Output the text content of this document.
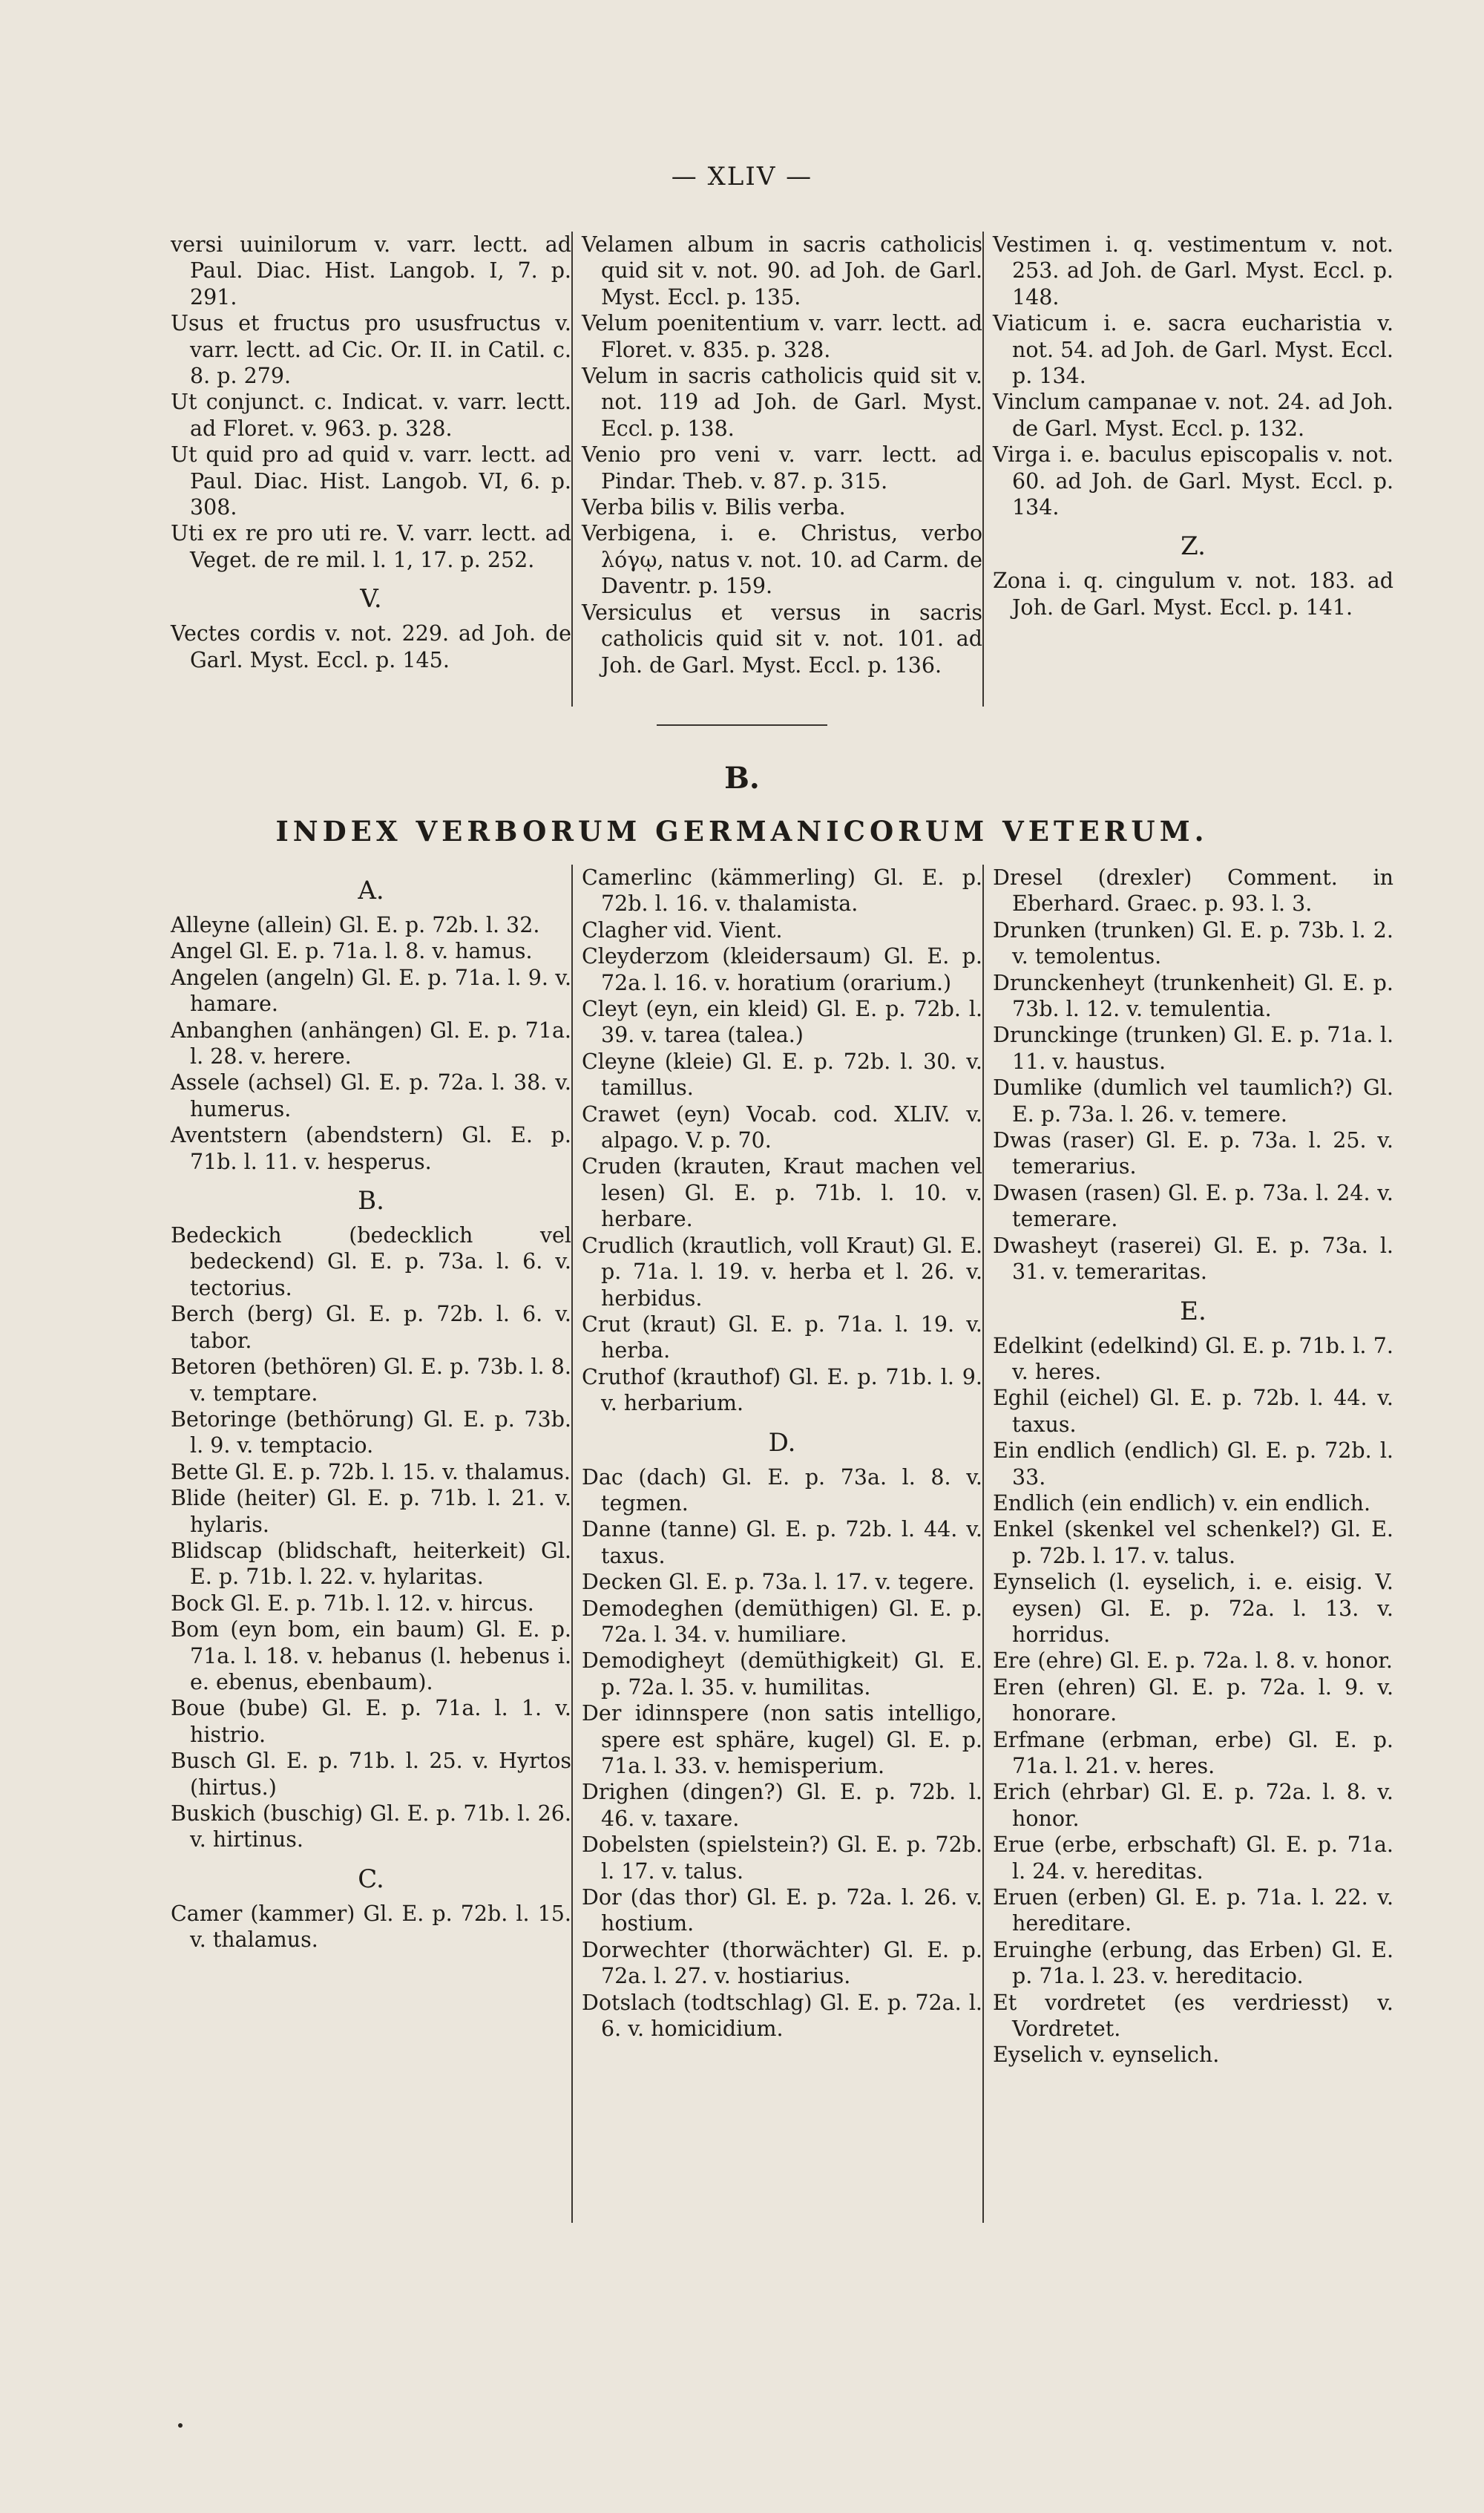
— XLIV —
versi uuinilorum v. varr. lectt. ad Paul. Diac. Hist. Langob. I, 7. p. 291.
Usus et fructus pro ususfructus v. varr. lectt. ad Cic. Or. II. in Catil. c. 8. p. 279.
Ut conjunct. c. Indicat. v. varr. lectt. ad Floret. v. 963. p. 328.
Ut quid pro ad quid v. varr. lectt. ad Paul. Diac. Hist. Langob. VI, 6. p. 308.
Uti ex re pro uti re. V. varr. lectt. ad Veget. de re mil. l. 1, 17. p. 252.
V.
Vectes cordis v. not. 229. ad Joh. de Garl. Myst. Eccl. p. 145.
Velamen album in sacris catholicis quid sit v. not. 90. ad Joh. de Garl. Myst. Eccl. p. 135.
Velum poenitentium v. varr. lectt. ad Floret. v. 835. p. 328.
Velum in sacris catholicis quid sit v. not. 119 ad Joh. de Garl. Myst. Eccl. p. 138.
Venio pro veni v. varr. lectt. ad Pindar. Theb. v. 87. p. 315.
Verba bilis v. Bilis verba.
Verbigena, i. e. Christus, verbo λόγῳ, natus v. not. 10. ad Carm. de Daventr. p. 159.
Versiculus et versus in sacris catholicis quid sit v. not. 101. ad Joh. de Garl. Myst. Eccl. p. 136.
Vestimen i. q. vestimentum v. not. 253. ad Joh. de Garl. Myst. Eccl. p. 148.
Viaticum i. e. sacra eucharistia v. not. 54. ad Joh. de Garl. Myst. Eccl. p. 134.
Vinclum campanae v. not. 24. ad Joh. de Garl. Myst. Eccl. p. 132.
Virga i. e. baculus episcopalis v. not. 60. ad Joh. de Garl. Myst. Eccl. p. 134.
Z.
Zona i. q. cingulum v. not. 183. ad Joh. de Garl. Myst. Eccl. p. 141.
B.
INDEX VERBORUM GERMANICORUM VETERUM.
A.
Alleyne (allein) Gl. E. p. 72b. l. 32.
Angel Gl. E. p. 71a. l. 8. v. hamus.
Angelen (angeln) Gl. E. p. 71a. l. 9. v. hamare.
Anbanghen (anhängen) Gl. E. p. 71a. l. 28. v. herere.
Assele (achsel) Gl. E. p. 72a. l. 38. v. humerus.
Aventstern (abendstern) Gl. E. p. 71b. l. 11. v. hesperus.
B.
Bedeckich (bedecklich vel bedeckend) Gl. E. p. 73a. l. 6. v. tectorius.
Berch (berg) Gl. E. p. 72b. l. 6. v. tabor.
Betoren (bethören) Gl. E. p. 73b. l. 8. v. temptare.
Betoringe (bethörung) Gl. E. p. 73b. l. 9. v. temptacio.
Bette Gl. E. p. 72b. l. 15. v. thalamus.
Blide (heiter) Gl. E. p. 71b. l. 21. v. hylaris.
Blidscap (blidschaft, heiterkeit) Gl. E. p. 71b. l. 22. v. hylaritas.
Bock Gl. E. p. 71b. l. 12. v. hircus.
Bom (eyn bom, ein baum) Gl. E. p. 71a. l. 18. v. hebanus (l. hebenus i. e. ebenus, ebenbaum).
Boue (bube) Gl. E. p. 71a. l. 1. v. histrio.
Busch Gl. E. p. 71b. l. 25. v. Hyrtos (hirtus.)
Buskich (buschig) Gl. E. p. 71b. l. 26. v. hirtinus.
C.
Camer (kammer) Gl. E. p. 72b. l. 15. v. thalamus.
Camerlinc (kämmerling) Gl. E. p. 72b. l. 16. v. thalamista.
Clagher vid. Vient.
Cleyderzom (kleidersaum) Gl. E. p. 72a. l. 16. v. horatium (orarium.)
Cleyt (eyn, ein kleid) Gl. E. p. 72b. l. 39. v. tarea (talea.)
Cleyne (kleie) Gl. E. p. 72b. l. 30. v. tamillus.
Crawet (eyn) Vocab. cod. XLIV. v. alpago. V. p. 70.
Cruden (krauten, Kraut machen vel lesen) Gl. E. p. 71b. l. 10. v. herbare.
Crudlich (krautlich, voll Kraut) Gl. E. p. 71a. l. 19. v. herba et l. 26. v. herbidus.
Crut (kraut) Gl. E. p. 71a. l. 19. v. herba.
Cruthof (krauthof) Gl. E. p. 71b. l. 9. v. herbarium.
D.
Dac (dach) Gl. E. p. 73a. l. 8. v. tegmen.
Danne (tanne) Gl. E. p. 72b. l. 44. v. taxus.
Decken Gl. E. p. 73a. l. 17. v. tegere.
Demodeghen (demüthigen) Gl. E. p. 72a. l. 34. v. humiliare.
Demodigheyt (demüthigkeit) Gl. E. p. 72a. l. 35. v. humilitas.
Der idinnspere (non satis intelligo, spere est sphäre, kugel) Gl. E. p. 71a. l. 33. v. hemisperium.
Drighen (dingen?) Gl. E. p. 72b. l. 46. v. taxare.
Dobelsten (spielstein?) Gl. E. p. 72b. l. 17. v. talus.
Dor (das thor) Gl. E. p. 72a. l. 26. v. hostium.
Dorwechter (thorwächter) Gl. E. p. 72a. l. 27. v. hostiarius.
Dotslach (todtschlag) Gl. E. p. 72a. l. 6. v. homicidium.
Dresel (drexler) Comment. in Eberhard. Graec. p. 93. l. 3.
Drunken (trunken) Gl. E. p. 73b. l. 2. v. temolentus.
Drunckenheyt (trunkenheit) Gl. E. p. 73b. l. 12. v. temulentia.
Drunckinge (trunken) Gl. E. p. 71a. l. 11. v. haustus.
Dumlike (dumlich vel taumlich?) Gl. E. p. 73a. l. 26. v. temere.
Dwas (raser) Gl. E. p. 73a. l. 25. v. temerarius.
Dwasen (rasen) Gl. E. p. 73a. l. 24. v. temerare.
Dwasheyt (raserei) Gl. E. p. 73a. l. 31. v. temeraritas.
E.
Edelkint (edelkind) Gl. E. p. 71b. l. 7. v. heres.
Eghil (eichel) Gl. E. p. 72b. l. 44. v. taxus.
Ein endlich (endlich) Gl. E. p. 72b. l. 33.
Endlich (ein endlich) v. ein endlich.
Enkel (skenkel vel schenkel?) Gl. E. p. 72b. l. 17. v. talus.
Eynselich (l. eyselich, i. e. eisig. V. eysen) Gl. E. p. 72a. l. 13. v. horridus.
Ere (ehre) Gl. E. p. 72a. l. 8. v. honor.
Eren (ehren) Gl. E. p. 72a. l. 9. v. honorare.
Erfmane (erbman, erbe) Gl. E. p. 71a. l. 21. v. heres.
Erich (ehrbar) Gl. E. p. 72a. l. 8. v. honor.
Erue (erbe, erbschaft) Gl. E. p. 71a. l. 24. v. hereditas.
Eruen (erben) Gl. E. p. 71a. l. 22. v. hereditare.
Eruinghe (erbung, das Erben) Gl. E. p. 71a. l. 23. v. hereditacio.
Et vordretet (es verdriesst) v. Vordretet.
Eyselich v. eynselich.
